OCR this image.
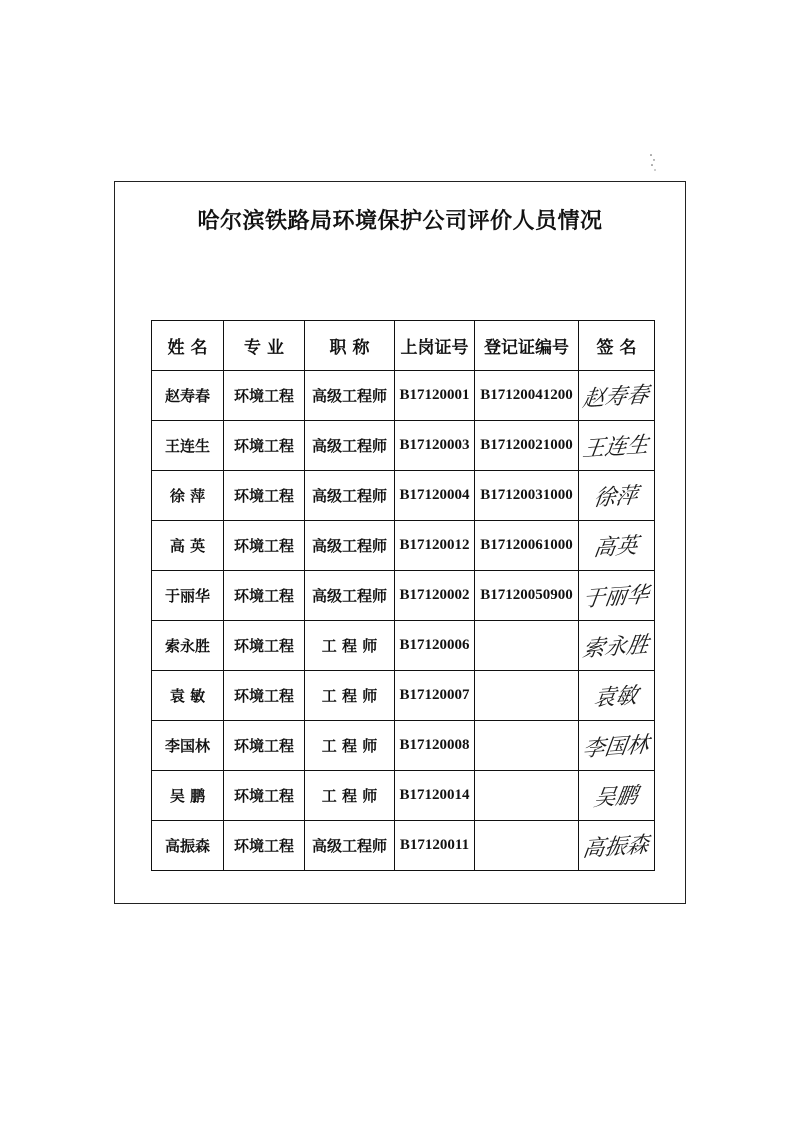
哈尔滨铁路局环境保护公司评价人员情况
姓 名	专 业	职 称	上岗证号	登记证编号	签 名
赵寿春	环境工程	高级工程师	B17120001	B17120041200	赵寿春
王连生	环境工程	高级工程师	B17120003	B17120021000	王连生
徐 萍	环境工程	高级工程师	B17120004	B17120031000	徐萍
高 英	环境工程	高级工程师	B17120012	B17120061000	高英
于丽华	环境工程	高级工程师	B17120002	B17120050900	于丽华
索永胜	环境工程	工 程 师	B17120006		索永胜
袁 敏	环境工程	工 程 师	B17120007		袁敏
李国林	环境工程	工 程 师	B17120008		李国林
吴 鹏	环境工程	工 程 师	B17120014		吴鹏
高振森	环境工程	高级工程师	B17120011		高振森
